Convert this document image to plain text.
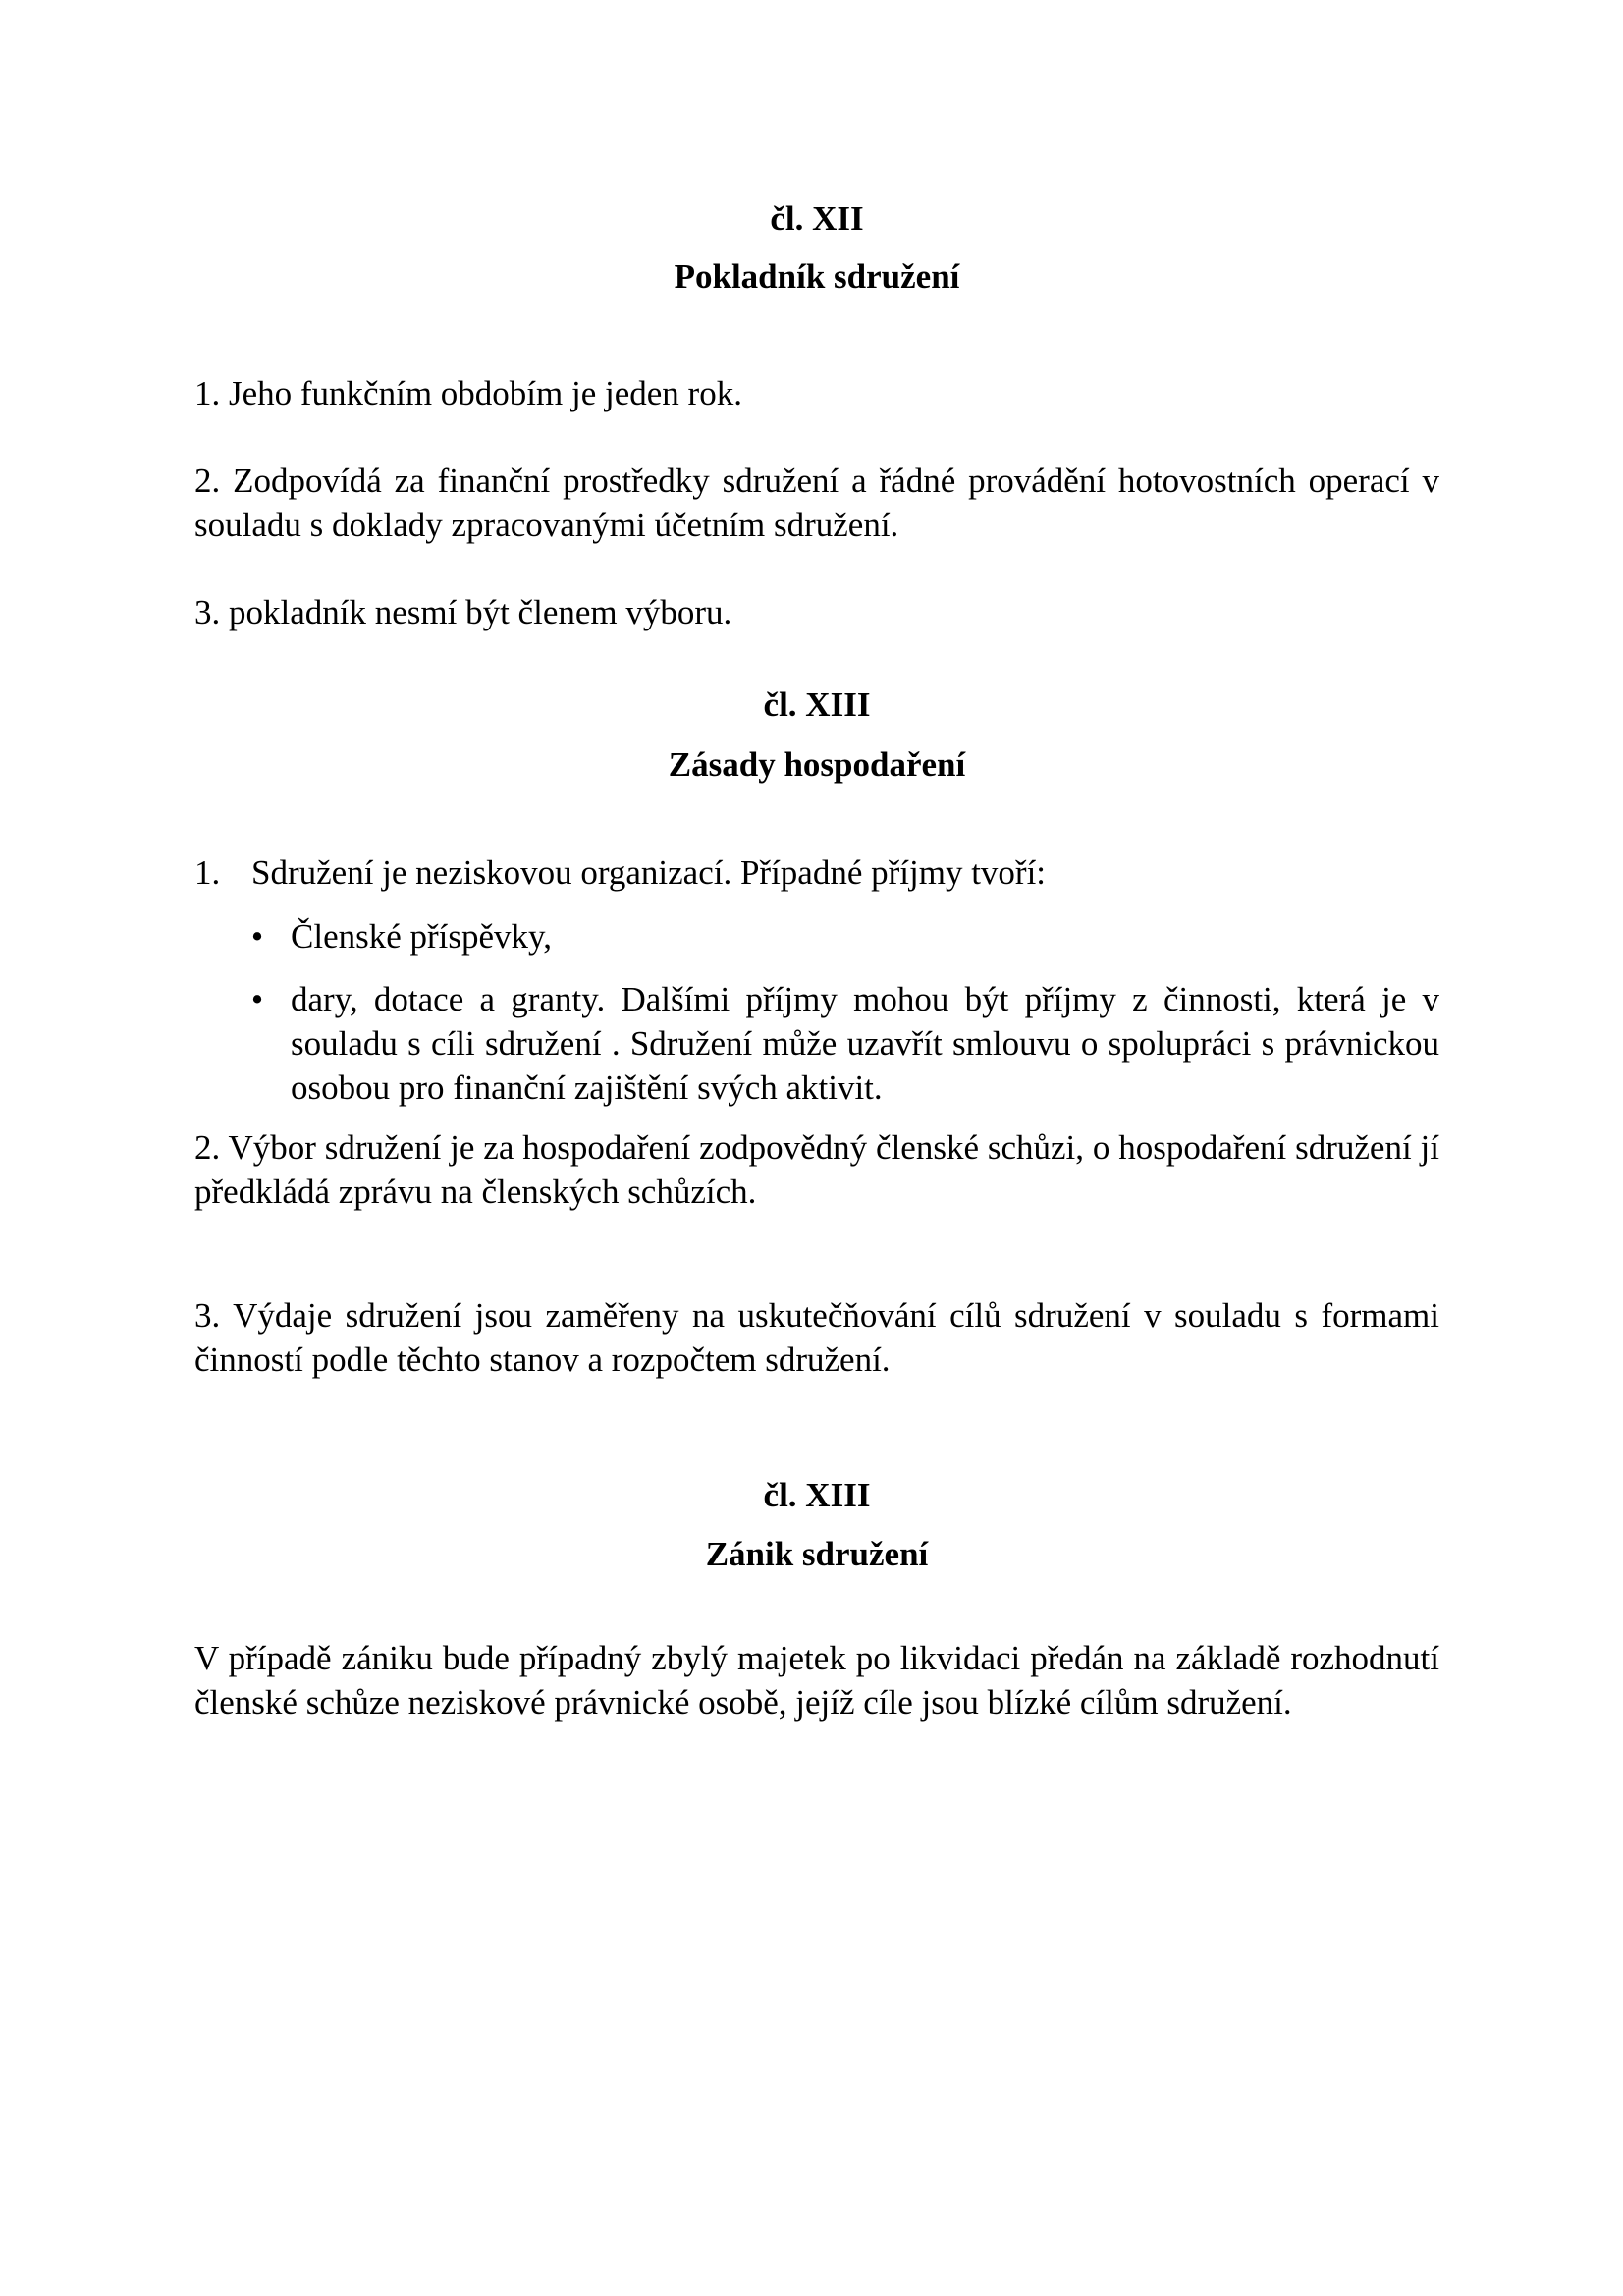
čl. XII
Pokladník sdružení

1. Jeho funkčním obdobím je jeden rok.

2. Zodpovídá za finanční prostředky sdružení a řádné provádění hotovostních operací v souladu s doklady zpracovanými účetním sdružení.

3. pokladník nesmí být členem výboru.

čl. XIII
Zásady hospodaření
1. Sdružení je neziskovou organizací. Případné příjmy tvoří:
• Členské příspěvky,

• dary, dotace a granty. Dalšími příjmy mohou být příjmy z činnosti, která je v souladu s cíli sdružení . Sdružení může uzavřít smlouvu o spolupráci s právnickou osobou pro finanční zajištění svých aktivit.

2. Výbor sdružení je za hospodaření zodpovědný členské schůzi, o hospodaření sdružení jí předkládá zprávu na členských schůzích.

3. Výdaje sdružení jsou zaměřeny na uskutečňování cílů sdružení v souladu s formami činností podle těchto stanov a rozpočtem sdružení.

čl. XIII
Zánik sdružení

V případě zániku bude případný zbylý majetek po likvidaci předán na základě rozhodnutí členské schůze neziskové právnické osobě, jejíž cíle jsou blízké cílům sdružení.
